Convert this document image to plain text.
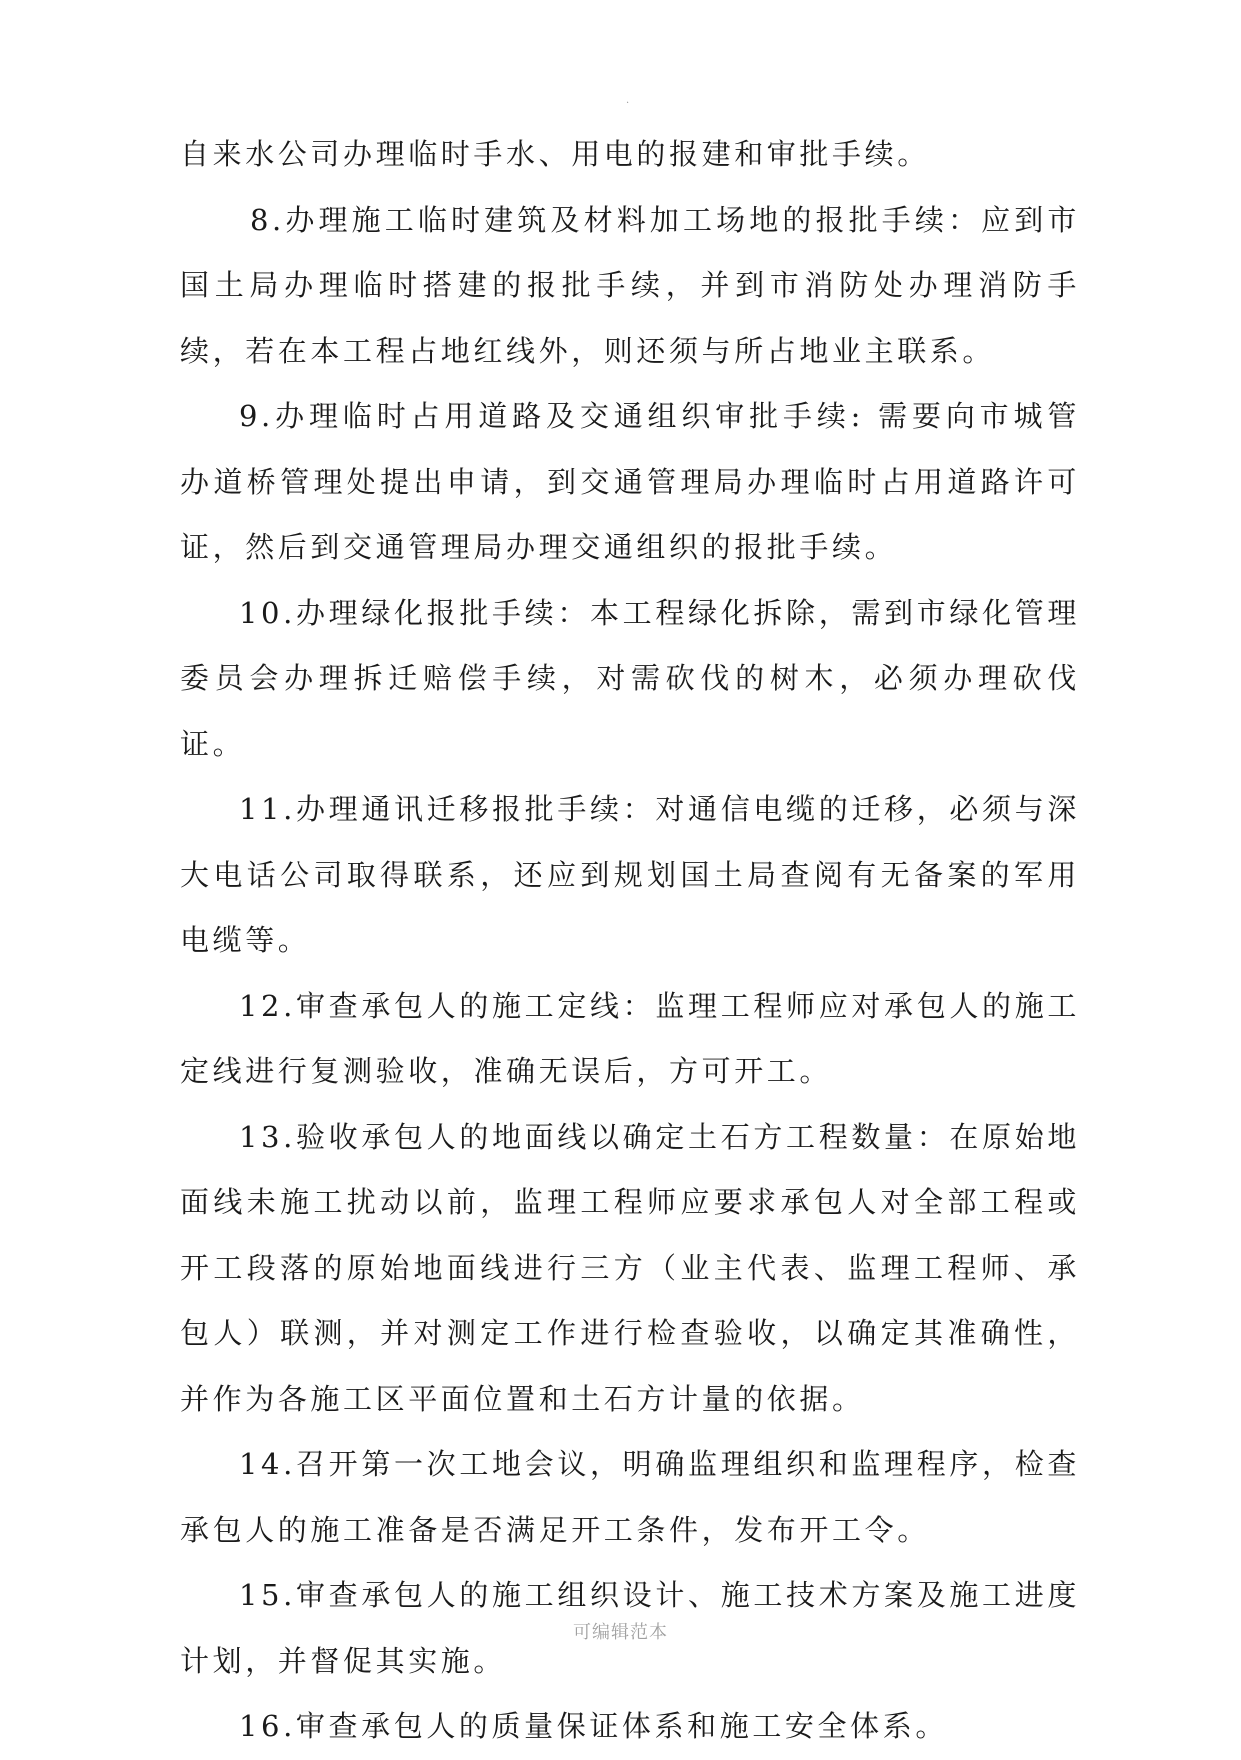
.

自来水公司办理临时手水、用电的报建和审批手续。

8.办理施工临时建筑及材料加工场地的报批手续：应到市国土局办理临时搭建的报批手续，并到市消防处办理消防手续，若在本工程占地红线外，则还须与所占地业主联系。

9.办理临时占用道路及交通组织审批手续: 需要向市城管办道桥管理处提出申请，到交通管理局办理临时占用道路许可证，然后到交通管理局办理交通组织的报批手续。

10.办理绿化报批手续：本工程绿化拆除，需到市绿化管理委员会办理拆迁赔偿手续，对需砍伐的树木，必须办理砍伐证。

11.办理通讯迁移报批手续：对通信电缆的迁移，必须与深大电话公司取得联系，还应到规划国土局查阅有无备案的军用电缆等。

12.审查承包人的施工定线：监理工程师应对承包人的施工定线进行复测验收，准确无误后，方可开工。

13.验收承包人的地面线以确定土石方工程数量：在原始地面线未施工扰动以前，监理工程师应要求承包人对全部工程或开工段落的原始地面线进行三方（业主代表、监理工程师、承包人）联测，并对测定工作进行检查验收，以确定其准确性，并作为各施工区平面位置和土石方计量的依据。

14.召开第一次工地会议，明确监理组织和监理程序，检查承包人的施工准备是否满足开工条件，发布开工令。

15.审查承包人的施工组织设计、施工技术方案及施工进度计划，并督促其实施。

16.审查承包人的质量保证体系和施工安全体系。

可编辑范本
